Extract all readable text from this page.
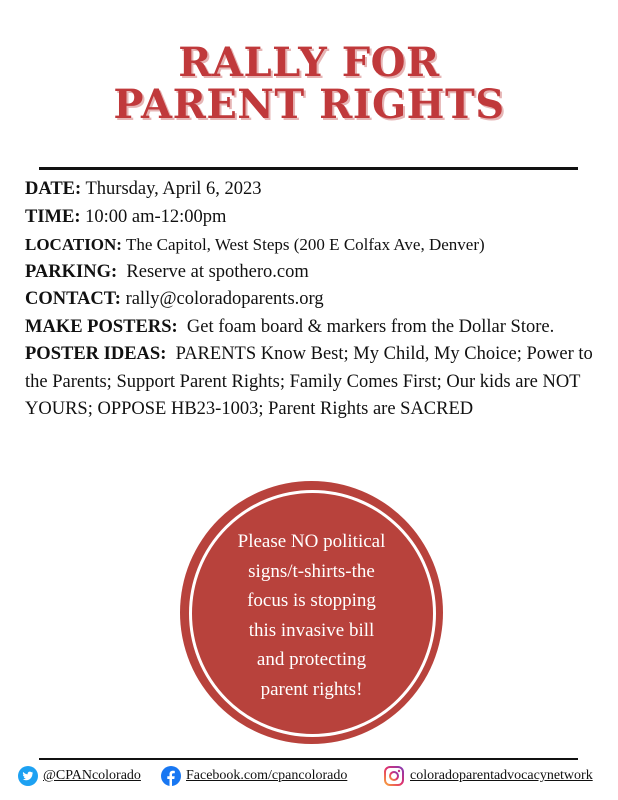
RALLY FOR
PARENT RIGHTS

DATE: Thursday, April 6, 2023

TIME: 10:00 am-12:00pm

LOCATION: The Capitol, West Steps (200 E Colfax Ave, Denver)

PARKING: Reserve at spothero.com

CONTACT: rally@coloradoparents.org

MAKE POSTERS: Get foam board & markers from the Dollar Store.

POSTER IDEAS: PARENTS Know Best; My Child, My Choice; Power to the Parents; Support Parent Rights; Family Comes First; Our kids are NOT YOURS; OPPOSE HB23-1003; Parent Rights are SACRED

Please NO political
signs/t-shirts-the
focus is stopping
this invasive bill
and protecting
parent rights!
@CPANcolorado	Facebook.com/cpancolorado	coloradoparentadvocacynetwork
